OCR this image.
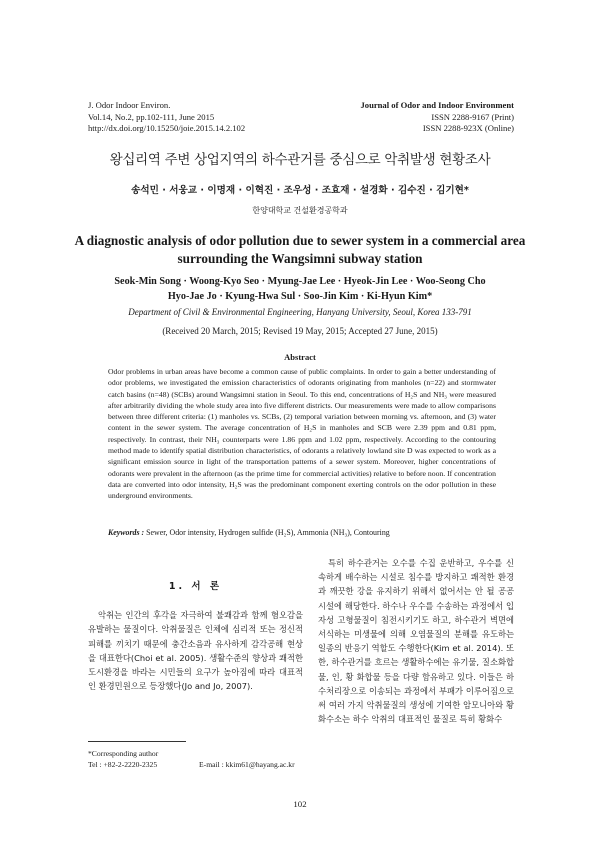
J. Odor Indoor Environ.
Vol.14, No.2, pp.102-111, June 2015
http://dx.doi.org/10.15250/joie.2015.14.2.102
Journal of Odor and Indoor Environment
ISSN 2288-9167 (Print)
ISSN 2288-923X (Online)
왕십리역 주변 상업지역의 하수관거를 중심으로 악취발생 현황조사
송석민 · 서웅교 · 이명재 · 이혁진 · 조우성 · 조효재 · 설경화 · 김수진 · 김기현*
한양대학교 건설환경공학과
A diagnostic analysis of odor pollution due to sewer system in a commercial area surrounding the Wangsimni subway station
Seok-Min Song · Woong-Kyo Seo · Myung-Jae Lee · Hyeok-Jin Lee · Woo-Seong Cho
Hyo-Jae Jo · Kyung-Hwa Sul · Soo-Jin Kim · Ki-Hyun Kim*
Department of Civil & Environmental Engineering, Hanyang University, Seoul, Korea 133-791
(Received 20 March, 2015; Revised 19 May, 2015; Accepted 27 June, 2015)
Abstract
Odor problems in urban areas have become a common cause of public complaints. In order to gain a better understanding of odor problems, we investigated the emission characteristics of odorants originating from manholes (n=22) and stormwater catch basins (n=48) (SCBs) around Wangsimni station in Seoul. To this end, concentrations of H₂S and NH₃ were measured after arbitrarily dividing the whole study area into five different districts. Our measurements were made to allow comparisons between three different criteria: (1) manholes vs. SCBs, (2) temporal variation between morning vs. afternoon, and (3) water content in the sewer system. The average concentration of H₂S in manholes and SCB were 2.39 ppm and 0.81 ppm, respectively. In contrast, their NH₃ counterparts were 1.86 ppm and 1.02 ppm, respectively. According to the contouring method made to identify spatial distribution characteristics, of odorants a relatively lowland site D was expected to work as a significant emission source in light of the transportation patterns of a sewer system. Moreover, higher concentrations of odorants were prevalent in the afternoon (as the prime time for commercial activities) relative to before noon. If concentration data are converted into odor intensity, H₂S was the predominant component exerting controls on the odor pollution in these underground environments.
Keywords : Sewer, Odor intensity, Hydrogen sulfide (H₂S), Ammonia (NH₃), Contouring
1. 서 론
악취는 인간의 후각을 자극하여 불쾌감과 함께 혐오감을 유발하는 물질이다. 악취물질은 인체에 심리적 또는 정신적 피해를 끼치기 때문에 충간소음과 유사하게 감각공해 현상을 대표한다(Choi et al. 2005). 생활수준의 향상과 쾌적한 도시환경을 바라는 시민들의 요구가 높아짐에 따라 대표적인 환경민원으로 등장했다(Jo and Jo, 2007).
특히 하수관거는 오수를 수집 운반하고, 우수를 신속하게 배수하는 시설로 침수를 방지하고 쾌적한 환경과 깨끗한 강을 유지하기 위해서 없어서는 안 될 공공시설에 해당한다. 하수나 우수를 수송하는 과정에서 입자성 고형물질이 침전시키기도 하고, 하수관거 벽면에 서식하는 미생물에 의해 오염물질의 분해를 유도하는 일종의 반응기 역할도 수행한다(Kim et al. 2014). 또한, 하수관거를 흐르는 생활하수에는 유기물, 질소화합물, 인, 황 화합물 등을 다량 함유하고 있다. 이들은 하수처리장으로 이송되는 과정에서 부패가 이루어짐으로써 여러 가지 악취물질의 생성에 기여한 암모니아와 황화수소는 하수 악취의 대표적인 물질로 특히 황화수
*Corresponding author
Tel : +82-2-2220-2325	E-mail : kkim61@hayang.ac.kr
102
